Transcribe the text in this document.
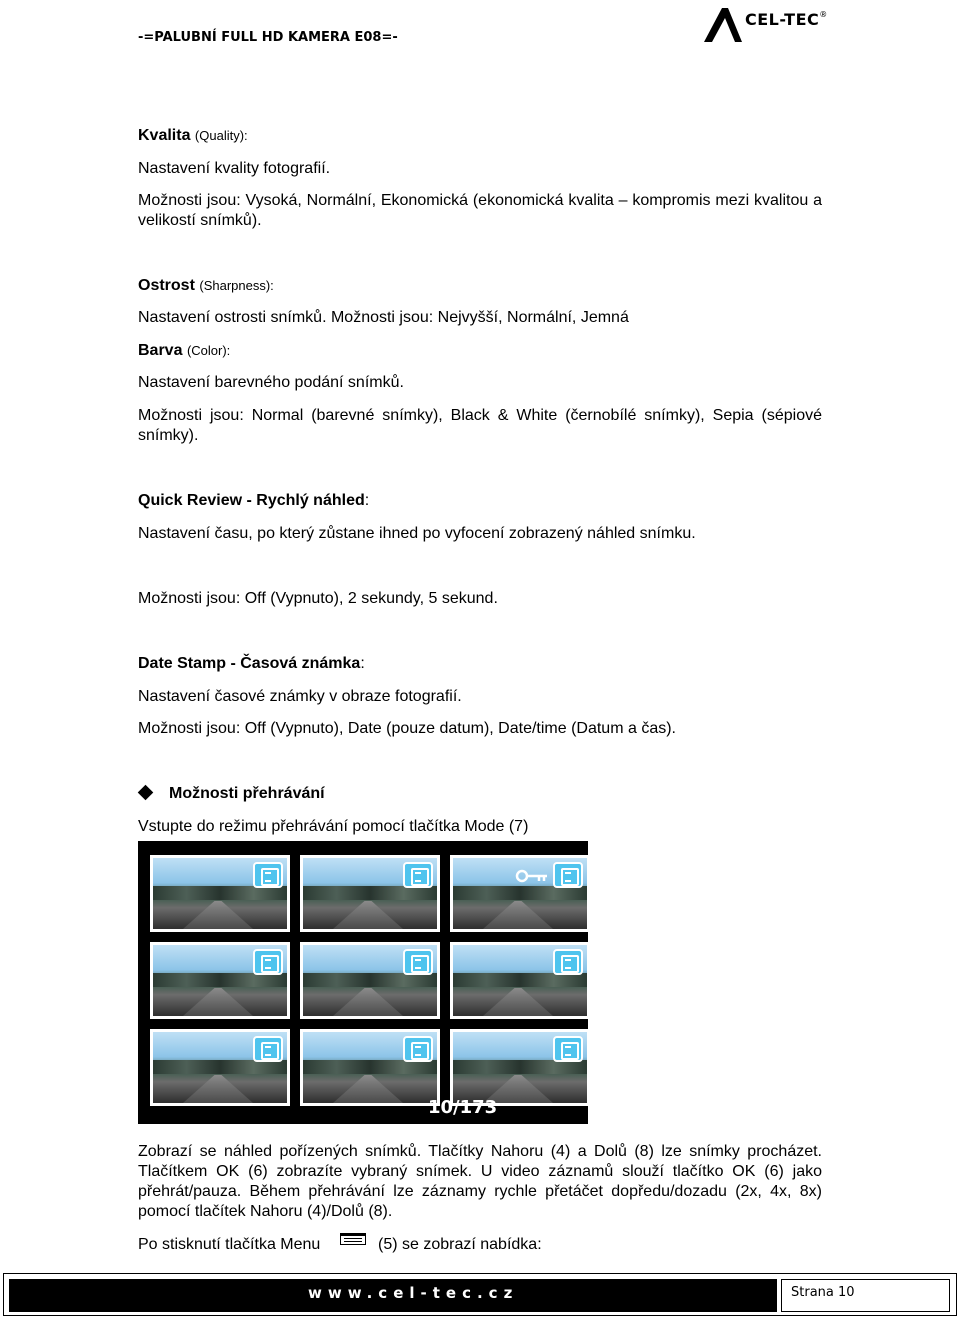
-=PALUBNÍ FULL HD KAMERA E08=-
CEL-TEC ®
Kvalita (Quality):
Nastavení kvality fotografií.
Možnosti jsou: Vysoká, Normální, Ekonomická (ekonomická kvalita – kompromis mezi kvalitou a velikostí snímků).
Ostrost (Sharpness):
Nastavení ostrosti snímků. Možnosti jsou: Nejvyšší, Normální, Jemná
Barva (Color):
Nastavení barevného podání snímků.
Možnosti jsou: Normal (barevné snímky), Black & White (černobílé snímky), Sepia (sépiové snímky).
Quick Review - Rychlý náhled:
Nastavení času, po který zůstane ihned po vyfocení zobrazený náhled snímku.
Možnosti jsou: Off (Vypnuto), 2 sekundy, 5 sekund.
Date Stamp - Časová známka:
Nastavení časové známky v obraze fotografií.
Možnosti jsou: Off (Vypnuto), Date (pouze datum), Date/time (Datum a čas).
Možnosti přehrávání
Vstupte do režimu přehrávání pomocí tlačítka Mode (7)
10/173
Zobrazí se náhled pořízených snímků. Tlačítky Nahoru (4) a Dolů (8) lze snímky procházet. Tlačítkem OK (6) zobrazíte vybraný snímek. U video záznamů slouží tlačítko OK (6) jako přehrát/pauza. Během přehrávání lze záznamy rychle přetáčet dopředu/dozadu (2x, 4x, 8x) pomocí tlačítek Nahoru (4)/Dolů (8).
Po stisknutí tlačítka Menu	(5) se zobrazí nabídka:
www.cel-tec.cz	Strana 10
